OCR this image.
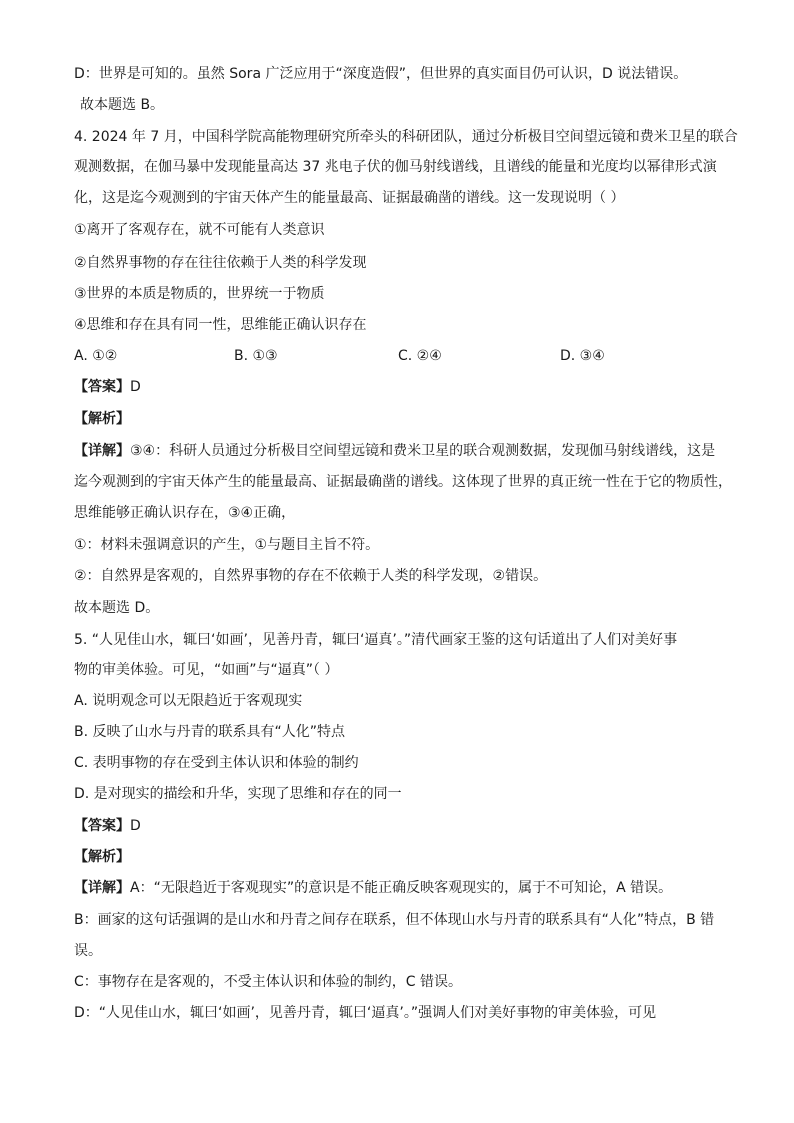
D：世界是可知的。虽然 Sora 广泛应用于“深度造假”，但世界的真实面目仍可认识，D 说法错误。
故本题选 B。
4. 2024 年 7 月，中国科学院高能物理研究所牵头的科研团队，通过分析极目空间望远镜和费米卫星的联合
观测数据，在伽马暴中发现能量高达 37 兆电子伏的伽马射线谱线，且谱线的能量和光度均以幂律形式演
化，这是迄今观测到的宇宙天体产生的能量最高、证据最确凿的谱线。这一发现说明（ ）
①离开了客观存在，就不可能有人类意识
②自然界事物的存在往往依赖于人类的科学发现
③世界的本质是物质的，世界统一于物质
④思维和存在具有同一性，思维能正确认识存在
A. ①②	B. ①③	C. ②④	D. ③④
【答案】D
【解析】
【详解】③④：科研人员通过分析极目空间望远镜和费米卫星的联合观测数据，发现伽马射线谱线，这是
迄今观测到的宇宙天体产生的能量最高、证据最确凿的谱线。这体现了世界的真正统一性在于它的物质性，
思维能够正确认识存在，③④正确，
①：材料未强调意识的产生，①与题目主旨不符。
②：自然界是客观的，自然界事物的存在不依赖于人类的科学发现，②错误。
故本题选 D。
5. “人见佳山水，辄曰‘如画’，见善丹青，辄曰‘逼真’。”清代画家王鉴的这句话道出了人们对美好事
物的审美体验。可见，“如画”与“逼真”（ ）
A. 说明观念可以无限趋近于客观现实
B. 反映了山水与丹青的联系具有“人化”特点
C. 表明事物的存在受到主体认识和体验的制约
D. 是对现实的描绘和升华，实现了思维和存在的同一
【答案】D
【解析】
【详解】A：“无限趋近于客观现实”的意识是不能正确反映客观现实的，属于不可知论，A 错误。
B：画家的这句话强调的是山水和丹青之间存在联系，但不体现山水与丹青的联系具有“人化”特点，B 错
误。
C：事物存在是客观的，不受主体认识和体验的制约，C 错误。
D：“人见佳山水，辄曰‘如画’，见善丹青，辄曰‘逼真’。”强调人们对美好事物的审美体验，可见
